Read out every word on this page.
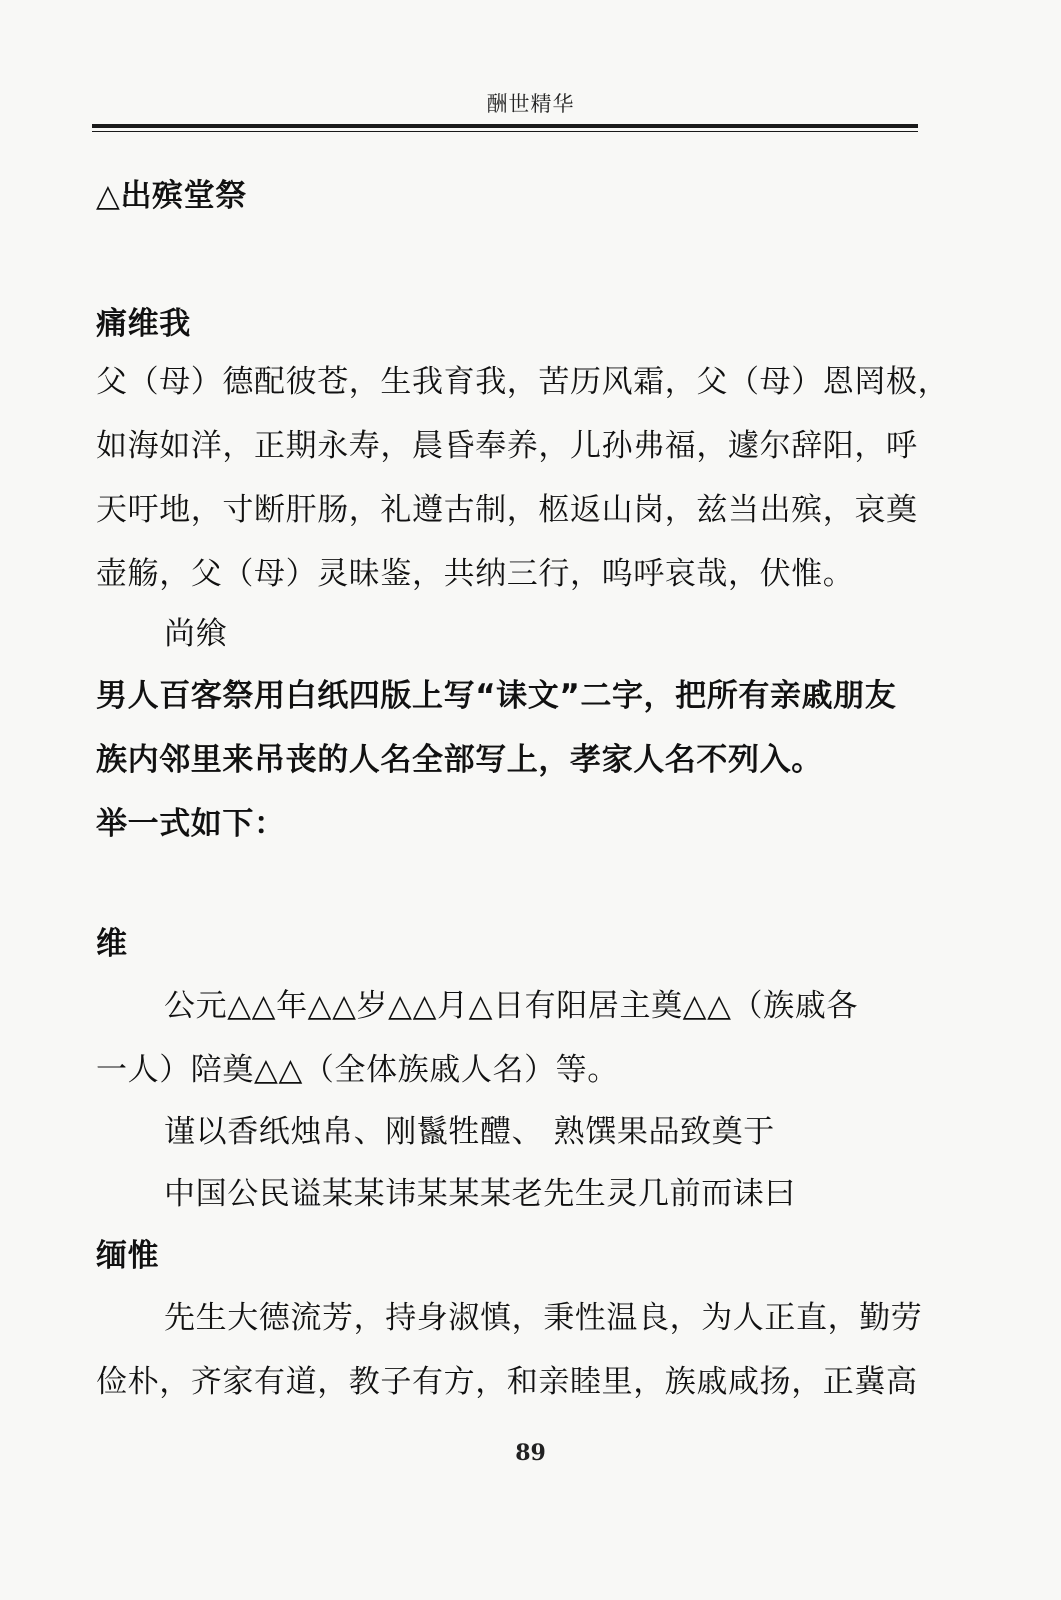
酬世精华
△出殡堂祭
痛维我
父（母）德配彼苍，生我育我，苦历风霜，父（母）恩罔极，
如海如洋，正期永寿，晨昏奉养，儿孙弗福，遽尔辞阳，呼
天吁地，寸断肝肠，礼遵古制，柩返山岗，兹当出殡，哀奠
壶觞，父（母）灵昧鉴，共纳三行，呜呼哀哉，伏惟。
尚飨
男人百客祭用白纸四版上写“诔文”二字，把所有亲戚朋友
族内邻里来吊丧的人名全部写上，孝家人名不列入。
举一式如下：
维
公元△△年△△岁△△月△日有阳居主奠△△（族戚各
一人）陪奠△△（全体族戚人名）等。
谨以香纸烛帛、刚鬣牲醴、 熟馔果品致奠于
中国公民谥某某讳某某某老先生灵几前而诔曰
缅惟
先生大德流芳，持身淑慎，秉性温良，为人正直，勤劳
俭朴，齐家有道，教子有方，和亲睦里，族戚咸扬，正冀高
89
